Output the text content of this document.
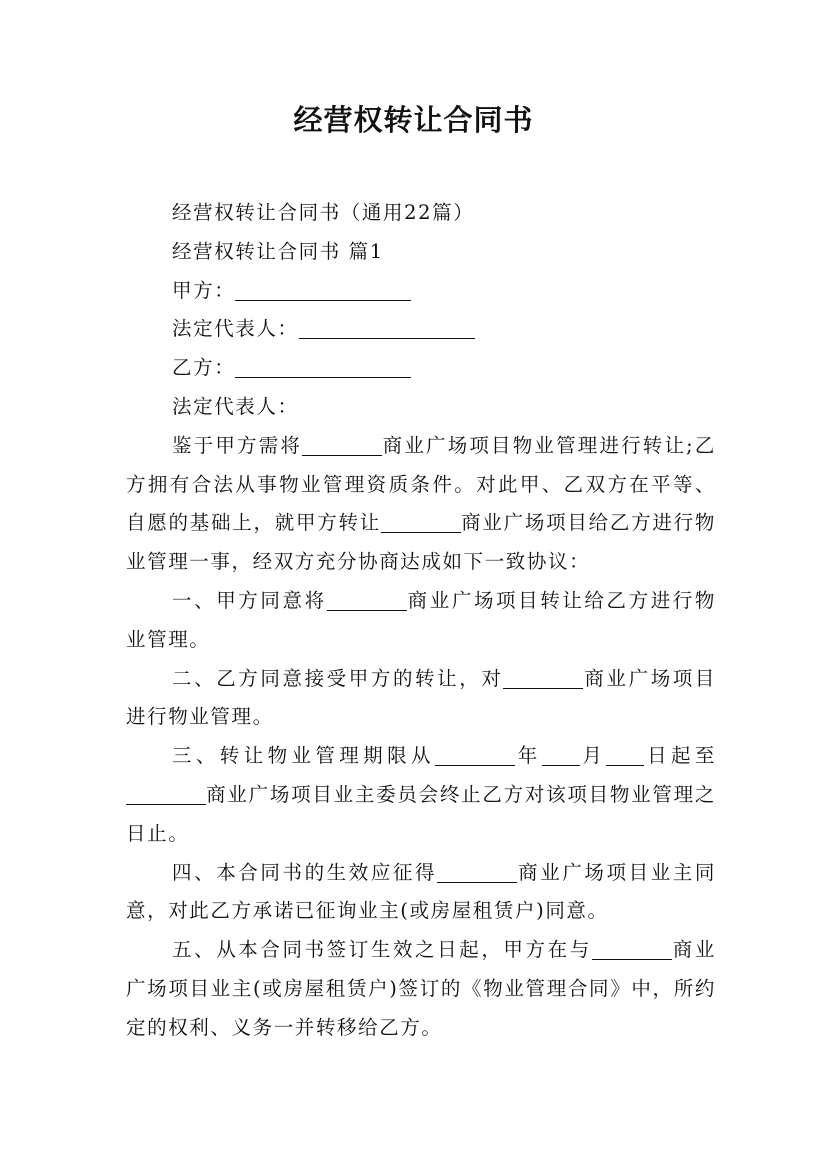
经营权转让合同书

经营权转让合同书（通用22篇）

经营权转让合同书 篇1

甲方：

法定代表人：

乙方：

法定代表人：

鉴于甲方需将	商业广场项目物业管理进行转让;乙方拥有合法从事物业管理资质条件。对此甲、乙双方在平等、自愿的基础上，就甲方转让	商业广场项目给乙方进行物业管理一事，经双方充分协商达成如下一致协议：

一、甲方同意将	商业广场项目转让给乙方进行物业管理。

二、乙方同意接受甲方的转让，对	商业广场项目进行物业管理。

三、转让物业管理期限从	年 月 日起至商业广场项目业主委员会终止乙方对该项目物业管理之日止。

四、本合同书的生效应征得	商业广场项目业主同意，对此乙方承诺已征询业主(或房屋租赁户)同意。

五、从本合同书签订生效之日起，甲方在与	商业广场项目业主(或房屋租赁户)签订的《物业管理合同》中，所约定的权利、义务一并转移给乙方。
